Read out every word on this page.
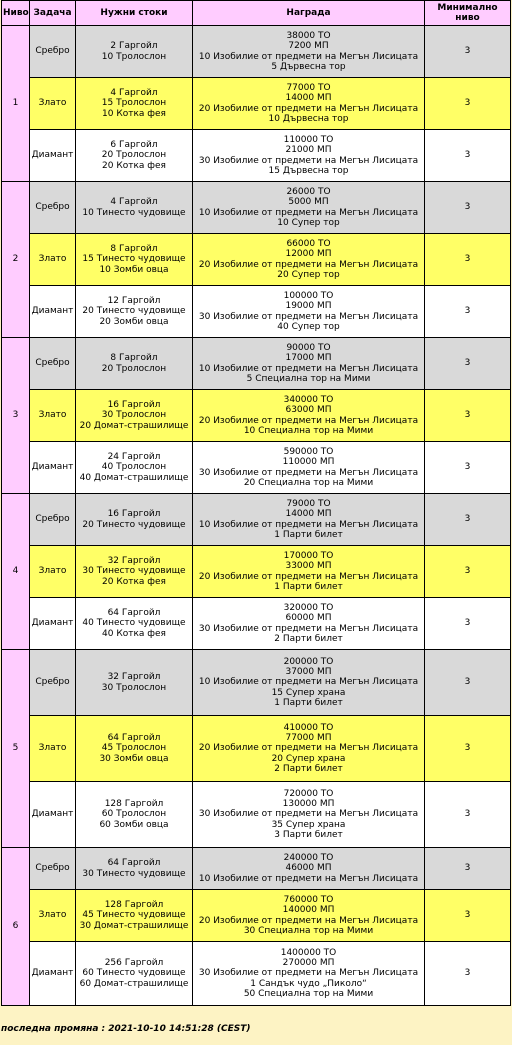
Ниво	Задача	Нужни стоки	Награда	Минимално
ниво
1	Сребро	2 Гаргойл
10 Тролослон	38000 ТО
7200 МП
10 Изобилие от предмети на Мегън Лисицата
5 Дървесна тор	3
	Злато	4 Гаргойл
15 Тролослон
10 Котка фея	77000 ТО
14000 МП
20 Изобилие от предмети на Мегън Лисицата
10 Дървесна тор	3
	Диамант	6 Гаргойл
20 Тролослон
20 Котка фея	110000 ТО
21000 МП
30 Изобилие от предмети на Мегън Лисицата
15 Дървесна тор	3
2	Сребро	4 Гаргойл
10 Тинесто чудовище	26000 ТО
5000 МП
10 Изобилие от предмети на Мегън Лисицата
10 Супер тор	3
	Злато	8 Гаргойл
15 Тинесто чудовище
10 Зомби овца	66000 ТО
12000 МП
20 Изобилие от предмети на Мегън Лисицата
20 Супер тор	3
	Диамант	12 Гаргойл
20 Тинесто чудовище
20 Зомби овца	100000 ТО
19000 МП
30 Изобилие от предмети на Мегън Лисицата
40 Супер тор	3
3	Сребро	8 Гаргойл
20 Тролослон	90000 ТО
17000 МП
10 Изобилие от предмети на Мегън Лисицата
5 Специална тор на Мими	3
	Злато	16 Гаргойл
30 Тролослон
20 Домат-страшилище	340000 ТО
63000 МП
20 Изобилие от предмети на Мегън Лисицата
10 Специална тор на Мими	3
	Диамант	24 Гаргойл
40 Тролослон
40 Домат-страшилище	590000 ТО
110000 МП
30 Изобилие от предмети на Мегън Лисицата
20 Специална тор на Мими	3
4	Сребро	16 Гаргойл
20 Тинесто чудовище	79000 ТО
14000 МП
10 Изобилие от предмети на Мегън Лисицата
1 Парти билет	3
	Злато	32 Гаргойл
30 Тинесто чудовище
20 Котка фея	170000 ТО
33000 МП
20 Изобилие от предмети на Мегън Лисицата
1 Парти билет	3
	Диамант	64 Гаргойл
40 Тинесто чудовище
40 Котка фея	320000 ТО
60000 МП
30 Изобилие от предмети на Мегън Лисицата
2 Парти билет	3
5	Сребро	32 Гаргойл
30 Тролослон	200000 ТО
37000 МП
10 Изобилие от предмети на Мегън Лисицата
15 Супер храна
1 Парти билет	3
	Злато	64 Гаргойл
45 Тролослон
30 Зомби овца	410000 ТО
77000 МП
20 Изобилие от предмети на Мегън Лисицата
20 Супер храна
2 Парти билет	3
	Диамант	128 Гаргойл
60 Тролослон
60 Зомби овца	720000 ТО
130000 МП
30 Изобилие от предмети на Мегън Лисицата
35 Супер храна
3 Парти билет	3
6	Сребро	64 Гаргойл
30 Тинесто чудовище	240000 ТО
46000 МП
10 Изобилие от предмети на Мегън Лисицата	3
	Злато	128 Гаргойл
45 Тинесто чудовище
30 Домат-страшилище	760000 ТО
140000 МП
20 Изобилие от предмети на Мегън Лисицата
30 Специална тор на Мими	3
	Диамант	256 Гаргойл
60 Тинесто чудовище
60 Домат-страшилище	1400000 ТО
270000 МП
30 Изобилие от предмети на Мегън Лисицата
1 Сандък чудо „Пиколо“
50 Специална тор на Мими	3
последна промяна : 2021-10-10 14:51:28 (CEST)
